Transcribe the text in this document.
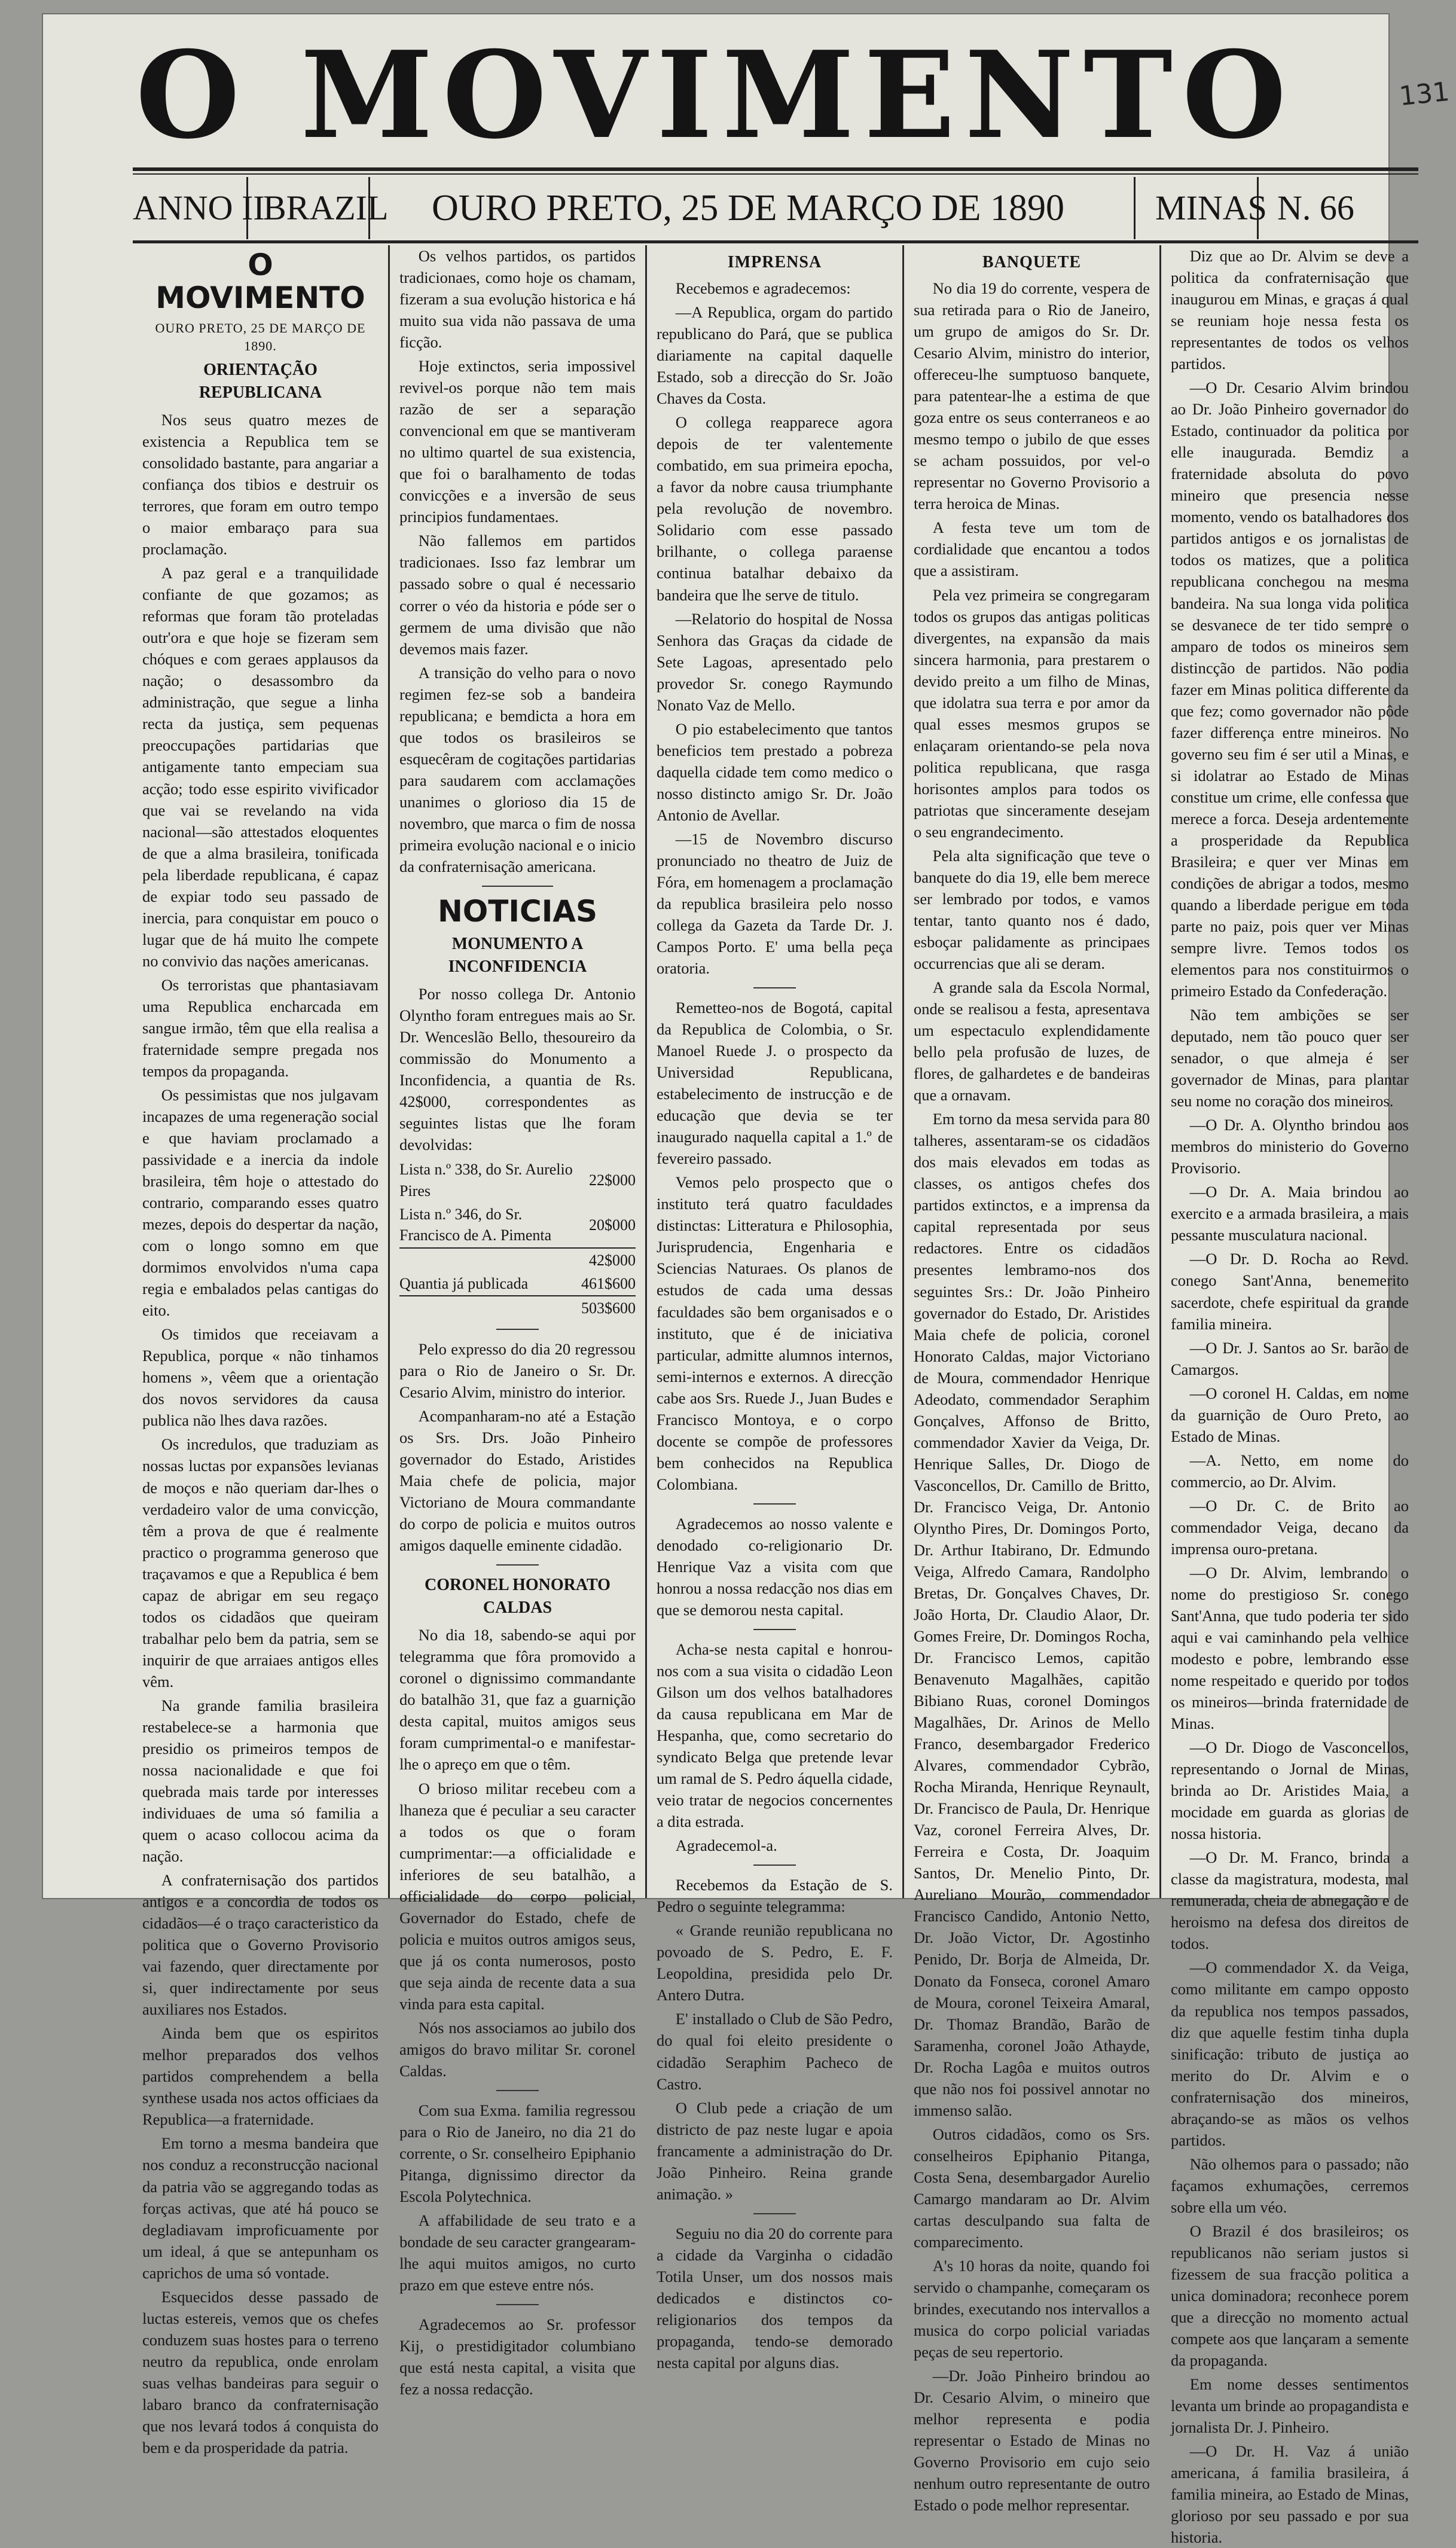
O MOVIMENTO
ANNO II
BRAZIL	OURO PRETO, 25 DE MARÇO DE 1890	MINAS N. 66
O MOVIMENTO
OURO PRETO, 25 DE MARÇO DE 1890.
ORIENTAÇÃO REPUBLICANA

Nos seus quatro mezes de existencia a Republica tem se consolidado bastante, para angariar a confiança dos tibios e destruir os terrores, que foram em outro tempo o maior embaraço para sua proclamação.

A paz geral e a tranquilidade confiante de que gozamos; as reformas que foram tão proteladas outr'ora e que hoje se fizeram sem chóques e com geraes applausos da nação; o desassombro da administração, que segue a linha recta da justiça, sem pequenas preoccupações partidarias que antigamente tanto empeciam sua acção; todo esse espirito vivificador que vai se revelando na vida nacional—são attestados eloquentes de que a alma brasileira, tonificada pela liberdade republicana, é capaz de expiar todo seu passado de inercia, para conquistar em pouco o lugar que de há muito lhe compete no convivio das nações americanas.

Os terroristas que phantasiavam uma Republica encharcada em sangue irmão, têm que ella realisa a fraternidade sempre pregada nos tempos da propaganda.

Os pessimistas que nos julgavam incapazes de uma regeneração social e que haviam proclamado a passividade e a inercia da indole brasileira, têm hoje o attestado do contrario, comparando esses quatro mezes, depois do despertar da nação, com o longo somno em que dormimos envolvidos n'uma capa regia e embalados pelas cantigas do eito.

Os timidos que receiavam a Republica, porque « não tinhamos homens », vêem que a orientação dos novos servidores da causa publica não lhes dava razões.

Os incredulos, que traduziam as nossas luctas por expansões levianas de moços e não queriam dar-lhes o verdadeiro valor de uma convicção, têm a prova de que é realmente practico o programma generoso que traçavamos e que a Republica é bem capaz de abrigar em seu regaço todos os cidadãos que queiram trabalhar pelo bem da patria, sem se inquirir de que arraiaes antigos elles vêm.

Na grande familia brasileira restabelece-se a harmonia que presidio os primeiros tempos de nossa nacionalidade e que foi quebrada mais tarde por interesses individuaes de uma só familia a quem o acaso collocou acima da nação.

A confraternisação dos partidos antigos e a concordia de todos os cidadãos—é o traço caracteristico da politica que o Governo Provisorio vai fazendo, quer directamente por si, quer indirectamente por seus auxiliares nos Estados.

Ainda bem que os espiritos melhor preparados dos velhos partidos comprehendem a bella synthese usada nos actos officiaes da Republica—a fraternidade.

Em torno a mesma bandeira que nos conduz a reconstrucção nacional da patria vão se aggregando todas as forças activas, que até há pouco se degladiavam improficuamente por um ideal, á que se antepunham os caprichos de uma só vontade.

Esquecidos desse passado de luctas estereis, vemos que os chefes conduzem suas hostes para o terreno neutro da republica, onde enrolam suas velhas bandeiras para seguir o labaro branco da confraternisação que nos levará todos á conquista do bem e da prosperidade da patria.

Os velhos partidos, os partidos tradicionaes, como hoje os chamam, fizeram a sua evolução historica e há muito sua vida não passava de uma ficção.

Hoje extinctos, seria impossivel revivel-os porque não tem mais razão de ser a separação convencional em que se mantiveram no ultimo quartel de sua existencia, que foi o baralhamento de todas convicções e a inversão de seus principios fundamentaes.

Não fallemos em partidos tradicionaes. Isso faz lembrar um passado sobre o qual é necessario correr o véo da historia e póde ser o germem de uma divisão que não devemos mais fazer.

A transição do velho para o novo regimen fez-se sob a bandeira republicana; e bemdicta a hora em que todos os brasileiros se esquecêram de cogitações partidarias para saudarem com acclamações unanimes o glorioso dia 15 de novembro, que marca o fim de nossa primeira evolução nacional e o inicio da confraternisação americana.

NOTICIAS
MONUMENTO A INCONFIDENCIA

Por nosso collega Dr. Antonio Olyntho foram entregues mais ao Sr. Dr. Wenceslão Bello, thesoureiro da commissão do Monumento a Inconfidencia, a quantia de Rs. 42$000, correspondentes as seguintes listas que lhe foram devolvidas:

Lista n.º 338, do Sr. Aurelio Pires	22$000
Lista n.º 346, do Sr. Francisco de A. Pimenta	20$000
	42$000
Quantia já publicada	461$600
	503$600

Pelo expresso do dia 20 regressou para o Rio de Janeiro o Sr. Dr. Cesario Alvim, ministro do interior.

Acompanharam-no até a Estação os Srs. Drs. João Pinheiro governador do Estado, Aristides Maia chefe de policia, major Victoriano de Moura commandante do corpo de policia e muitos outros amigos daquelle eminente cidadão.

CORONEL HONORATO CALDAS

No dia 18, sabendo-se aqui por telegramma que fôra promovido a coronel o dignissimo commandante do batalhão 31, que faz a guarnição desta capital, muitos amigos seus foram cumprimental-o e manifestar-lhe o apreço em que o têm.

O brioso militar recebeu com a lhaneza que é peculiar a seu caracter a todos os que o foram cumprimentar:—a officialidade e inferiores de seu batalhão, a officialidade do corpo policial, Governador do Estado, chefe de policia e muitos outros amigos seus, que já os conta numerosos, posto que seja ainda de recente data a sua vinda para esta capital.

Nós nos associamos ao jubilo dos amigos do bravo militar Sr. coronel Caldas.

Com sua Exma. familia regressou para o Rio de Janeiro, no dia 21 do corrente, o Sr. conselheiro Epiphanio Pitanga, dignissimo director da Escola Polytechnica.

A affabilidade de seu trato e a bondade de seu caracter grangearam-lhe aqui muitos amigos, no curto prazo em que esteve entre nós.

Agradecemos ao Sr. professor Kij, o prestidigitador columbiano que está nesta capital, a visita que fez a nossa redacção.

IMPRENSA

Recebemos e agradecemos:

—A Republica, orgam do partido republicano do Pará, que se publica diariamente na capital daquelle Estado, sob a direcção do Sr. João Chaves da Costa.

O collega reapparece agora depois de ter valentemente combatido, em sua primeira epocha, a favor da nobre causa triumphante pela revolução de novembro. Solidario com esse passado brilhante, o collega paraense continua batalhar debaixo da bandeira que lhe serve de titulo.

—Relatorio do hospital de Nossa Senhora das Graças da cidade de Sete Lagoas, apresentado pelo provedor Sr. conego Raymundo Nonato Vaz de Mello.

O pio estabelecimento que tantos beneficios tem prestado a pobreza daquella cidade tem como medico o nosso distincto amigo Sr. Dr. João Antonio de Avellar.

—15 de Novembro discurso pronunciado no theatro de Juiz de Fóra, em homenagem a proclamação da republica brasileira pelo nosso collega da Gazeta da Tarde Dr. J. Campos Porto. E' uma bella peça oratoria.

Remetteo-nos de Bogotá, capital da Republica de Colombia, o Sr. Manoel Ruede J. o prospecto da Universidad Republicana, estabelecimento de instrucção e de educação que devia se ter inaugurado naquella capital a 1.º de fevereiro passado.

Vemos pelo prospecto que o instituto terá quatro faculdades distinctas: Litteratura e Philosophia, Jurisprudencia, Engenharia e Sciencias Naturaes. Os planos de estudos de cada uma dessas faculdades são bem organisados e o instituto, que é de iniciativa particular, admitte alumnos internos, semi-internos e externos. A direcção cabe aos Srs. Ruede J., Juan Budes e Francisco Montoya, e o corpo docente se compõe de professores bem conhecidos na Republica Colombiana.

Agradecemos ao nosso valente e denodado co-religionario Dr. Henrique Vaz a visita com que honrou a nossa redacção nos dias em que se demorou nesta capital.

Acha-se nesta capital e honrou-nos com a sua visita o cidadão Leon Gilson um dos velhos batalhadores da causa republicana em Mar de Hespanha, que, como secretario do syndicato Belga que pretende levar um ramal de S. Pedro áquella cidade, veio tratar de negocios concernentes a dita estrada.

Agradecemol-a.

Recebemos da Estação de S. Pedro o seguinte telegramma:

« Grande reunião republicana no povoado de S. Pedro, E. F. Leopoldina, presidida pelo Dr. Antero Dutra.

E' installado o Club de São Pedro, do qual foi eleito presidente o cidadão Seraphim Pacheco de Castro.

O Club pede a criação de um districto de paz neste lugar e apoia francamente a administração do Dr. João Pinheiro. Reina grande animação. »

Seguiu no dia 20 do corrente para a cidade da Varginha o cidadão Totila Unser, um dos nossos mais dedicados e distinctos co-religionarios dos tempos da propaganda, tendo-se demorado nesta capital por alguns dias.

BANQUETE

No dia 19 do corrente, vespera de sua retirada para o Rio de Janeiro, um grupo de amigos do Sr. Dr. Cesario Alvim, ministro do interior, offereceu-lhe sumptuoso banquete, para patentear-lhe a estima de que goza entre os seus conterraneos e ao mesmo tempo o jubilo de que esses se acham possuidos, por vel-o representar no Governo Provisorio a terra heroica de Minas.

A festa teve um tom de cordialidade que encantou a todos que a assistiram.

Pela vez primeira se congregaram todos os grupos das antigas politicas divergentes, na expansão da mais sincera harmonia, para prestarem o devido preito a um filho de Minas, que idolatra sua terra e por amor da qual esses mesmos grupos se enlaçaram orientando-se pela nova politica republicana, que rasga horisontes amplos para todos os patriotas que sinceramente desejam o seu engrandecimento.

Pela alta significação que teve o banquete do dia 19, elle bem merece ser lembrado por todos, e vamos tentar, tanto quanto nos é dado, esboçar palidamente as principaes occurrencias que ali se deram.

A grande sala da Escola Normal, onde se realisou a festa, apresentava um espectaculo explendidamente bello pela profusão de luzes, de flores, de galhardetes e de bandeiras que a ornavam.

Em torno da mesa servida para 80 talheres, assentaram-se os cidadãos dos mais elevados em todas as classes, os antigos chefes dos partidos extinctos, e a imprensa da capital representada por seus redactores. Entre os cidadãos presentes lembramo-nos dos seguintes Srs.: Dr. João Pinheiro governador do Estado, Dr. Aristides Maia chefe de policia, coronel Honorato Caldas, major Victoriano de Moura, commendador Henrique Adeodato, commendador Seraphim Gonçalves, Affonso de Britto, commendador Xavier da Veiga, Dr. Henrique Salles, Dr. Diogo de Vasconcellos, Dr. Camillo de Britto, Dr. Francisco Veiga, Dr. Antonio Olyntho Pires, Dr. Domingos Porto, Dr. Arthur Itabirano, Dr. Edmundo Veiga, Alfredo Camara, Randolpho Bretas, Dr. Gonçalves Chaves, Dr. João Horta, Dr. Claudio Alaor, Dr. Gomes Freire, Dr. Domingos Rocha, Dr. Francisco Lemos, capitão Benavenuto Magalhães, capitão Bibiano Ruas, coronel Domingos Magalhães, Dr. Arinos de Mello Franco, desembargador Frederico Alvares, commendador Cybrão, Rocha Miranda, Henrique Reynault, Dr. Francisco de Paula, Dr. Henrique Vaz, coronel Ferreira Alves, Dr. Ferreira e Costa, Dr. Joaquim Santos, Dr. Menelio Pinto, Dr. Aureliano Mourão, commendador Francisco Candido, Antonio Netto, Dr. João Victor, Dr. Agostinho Penido, Dr. Borja de Almeida, Dr. Donato da Fonseca, coronel Amaro de Moura, coronel Teixeira Amaral, Dr. Thomaz Brandão, Barão de Saramenha, coronel João Athayde, Dr. Rocha Lagôa e muitos outros que não nos foi possivel annotar no immenso salão.

Outros cidadãos, como os Srs. conselheiros Epiphanio Pitanga, Costa Sena, desembargador Aurelio Camargo mandaram ao Dr. Alvim cartas desculpando sua falta de comparecimento.

A's 10 horas da noite, quando foi servido o champanhe, começaram os brindes, executando nos intervallos a musica do corpo policial variadas peças de seu repertorio.

—Dr. João Pinheiro brindou ao Dr. Cesario Alvim, o mineiro que melhor representa e podia representar o Estado de Minas no Governo Provisorio em cujo seio nenhum outro representante de outro Estado o pode melhor representar.

Diz que ao Dr. Alvim se deve a politica da confraternisação que inaugurou em Minas, e graças á qual se reuniam hoje nessa festa os representantes de todos os velhos partidos.

—O Dr. Cesario Alvim brindou ao Dr. João Pinheiro governador do Estado, continuador da politica por elle inaugurada. Bemdiz a fraternidade absoluta do povo mineiro que presencia nesse momento, vendo os batalhadores dos partidos antigos e os jornalistas de todos os matizes, que a politica republicana conchegou na mesma bandeira. Na sua longa vida politica se desvanece de ter tido sempre o amparo de todos os mineiros sem distincção de partidos. Não podia fazer em Minas politica differente da que fez; como governador não pôde fazer differença entre mineiros. No governo seu fim é ser util a Minas, e si idolatrar ao Estado de Minas constitue um crime, elle confessa que merece a forca. Deseja ardentemente a prosperidade da Republica Brasileira; e quer ver Minas em condições de abrigar a todos, mesmo quando a liberdade perigue em toda parte no paiz, pois quer ver Minas sempre livre. Temos todos os elementos para nos constituirmos o primeiro Estado da Confederação.

Não tem ambições se ser deputado, nem tão pouco quer ser senador, o que almeja é ser governador de Minas, para plantar seu nome no coração dos mineiros.

—O Dr. A. Olyntho brindou aos membros do ministerio do Governo Provisorio.

—O Dr. A. Maia brindou ao exercito e a armada brasileira, a mais pessante musculatura nacional.

—O Dr. D. Rocha ao Revd. conego Sant'Anna, benemerito sacerdote, chefe espiritual da grande familia mineira.

—O Dr. J. Santos ao Sr. barão de Camargos.

—O coronel H. Caldas, em nome da guarnição de Ouro Preto, ao Estado de Minas.

—A. Netto, em nome do commercio, ao Dr. Alvim.

—O Dr. C. de Brito ao commendador Veiga, decano da imprensa ouro-pretana.

—O Dr. Alvim, lembrando o nome do prestigioso Sr. conego Sant'Anna, que tudo poderia ter sido aqui e vai caminhando pela velhice modesto e pobre, lembrando esse nome respeitado e querido por todos os mineiros—brinda fraternidade de Minas.

—O Dr. Diogo de Vasconcellos, representando o Jornal de Minas, brinda ao Dr. Aristides Maia, a mocidade em guarda as glorias de nossa historia.

—O Dr. M. Franco, brinda a classe da magistratura, modesta, mal remunerada, cheia de abnegação e de heroismo na defesa dos direitos de todos.

—O commendador X. da Veiga, como militante em campo opposto da republica nos tempos passados, diz que aquelle festim tinha dupla sinificação: tributo de justiça ao merito do Dr. Alvim e o confraternisação dos mineiros, abraçando-se as mãos os velhos partidos.

Não olhemos para o passado; não façamos exhumações, cerremos sobre ella um véo.

O Brazil é dos brasileiros; os republicanos não seriam justos si fizessem de sua fracção politica a unica dominadora; reconhece porem que a direcção no momento actual compete aos que lançaram a semente da propaganda.

Em nome desses sentimentos levanta um brinde ao propagandista e jornalista Dr. J. Pinheiro.

—O Dr. H. Vaz á união americana, á familia brasileira, á familia mineira, ao Estado de Minas, glorioso por seu passado e por sua historia.

131
